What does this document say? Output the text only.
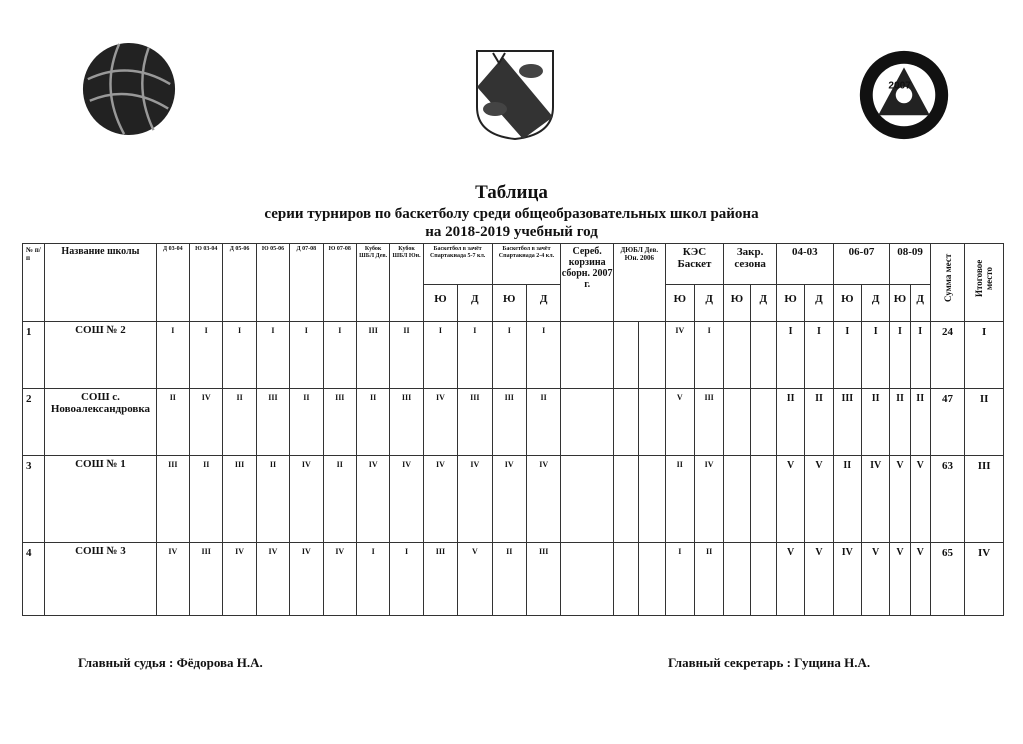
2007
Таблица
серии турниров по баскетболу среди общеобразовательных школ района
на 2018-2019 учебный год
№ п/ п	Название школы	Д 03-04	Ю 03-04	Д 05-06	Ю 05-06	Д 07-08	Ю 07-08	Кубок ШБЛ Дев.	Кубок ШБЛ Юн.	Баскетбол в зачёт Спартакиада 5-7 кл.		Баскетбол в зачёт Спартакиада 2-4 кл.		Сереб. корзина сборн. 2007 г.	ДЮБЛ Дев. Юн. 2006		КЭС Баскет		Закр. сезона		04-03		06-07		08-09		Сумма мест	Итоговое место

										Ю	Д	Ю	Д				Ю	Д	Ю	Д	Ю	Д	Ю	Д	Ю	Д		
1	СОШ № 2	I	I	I	I	I	I	III	II	I	I	I	I				IV	I			I	I	I	I	I	I	24	I
2	СОШ с. Новоалександровка	II	IV	II	III	II	III	II	III	IV	III	III	II				V	III			II	II	III	II	II	II	47	II
3	СОШ № 1	III	II	III	II	IV	II	IV	IV	IV	IV	IV	IV				II	IV			V	V	II	IV	V	V	63	III
4	СОШ № 3	IV	III	IV	IV	IV	IV	I	I	III	V	II	III				I	II			V	V	IV	V	V	V	65	IV
Главный судья : Фёдорова Н.А.	Главный секретарь : Гущина Н.А.
